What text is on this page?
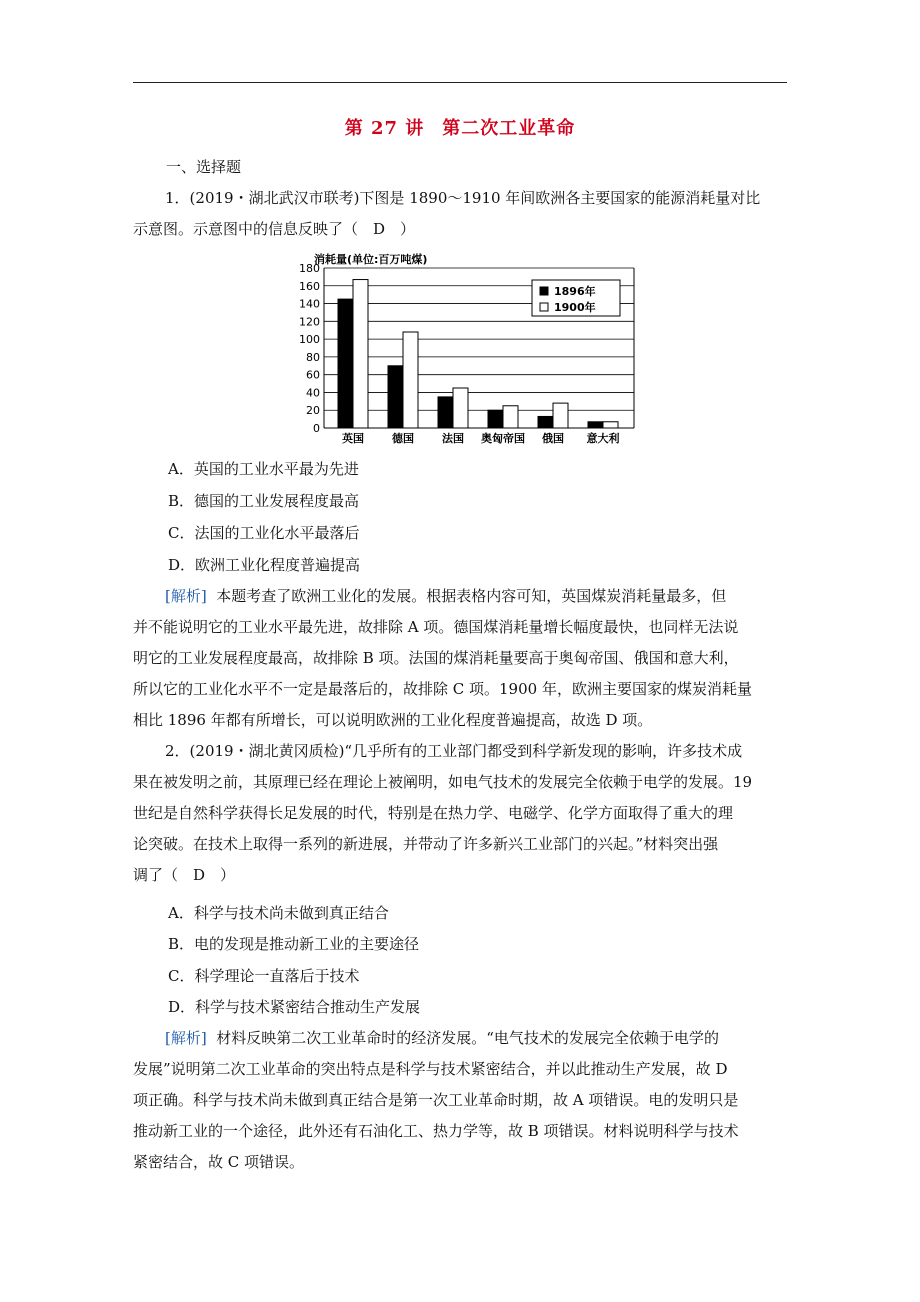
第 27 讲 第二次工业革命
一、选择题
1．(2019・湖北武汉市联考)下图是 1890～1910 年间欧洲各主要国家的能源消耗量对比
示意图。示意图中的信息反映了（　D　）
消耗量(单位:百万吨煤)
0
20
40
60
80
100
120
140
160
180
英国	德国	法国 奥匈帝国 俄国 意大利
1896年
1900年
A．英国的工业水平最为先进
B．德国的工业发展程度最高
C．法国的工业化水平最落后
D．欧洲工业化程度普遍提高
[解析] 本题考查了欧洲工业化的发展。根据表格内容可知，英国煤炭消耗量最多，但
并不能说明它的工业水平最先进，故排除 A 项。德国煤消耗量增长幅度最快，也同样无法说
明它的工业发展程度最高，故排除 B 项。法国的煤消耗量要高于奥匈帝国、俄国和意大利，
所以它的工业化水平不一定是最落后的，故排除 C 项。1900 年，欧洲主要国家的煤炭消耗量
相比 1896 年都有所增长，可以说明欧洲的工业化程度普遍提高，故选 D 项。
2．(2019・湖北黄冈质检)“几乎所有的工业部门都受到科学新发现的影响，许多技术成
果在被发明之前，其原理已经在理论上被阐明，如电气技术的发展完全依赖于电学的发展。19
世纪是自然科学获得长足发展的时代，特别是在热力学、电磁学、化学方面取得了重大的理
论突破。在技术上取得一系列的新进展，并带动了许多新兴工业部门的兴起。”材料突出强
调了（　D　）
A．科学与技术尚未做到真正结合
B．电的发现是推动新工业的主要途径
C．科学理论一直落后于技术
D．科学与技术紧密结合推动生产发展
[解析] 材料反映第二次工业革命时的经济发展。“电气技术的发展完全依赖于电学的
发展”说明第二次工业革命的突出特点是科学与技术紧密结合，并以此推动生产发展，故 D
项正确。科学与技术尚未做到真正结合是第一次工业革命时期，故 A 项错误。电的发明只是
推动新工业的一个途径，此外还有石油化工、热力学等，故 B 项错误。材料说明科学与技术
紧密结合，故 C 项错误。
